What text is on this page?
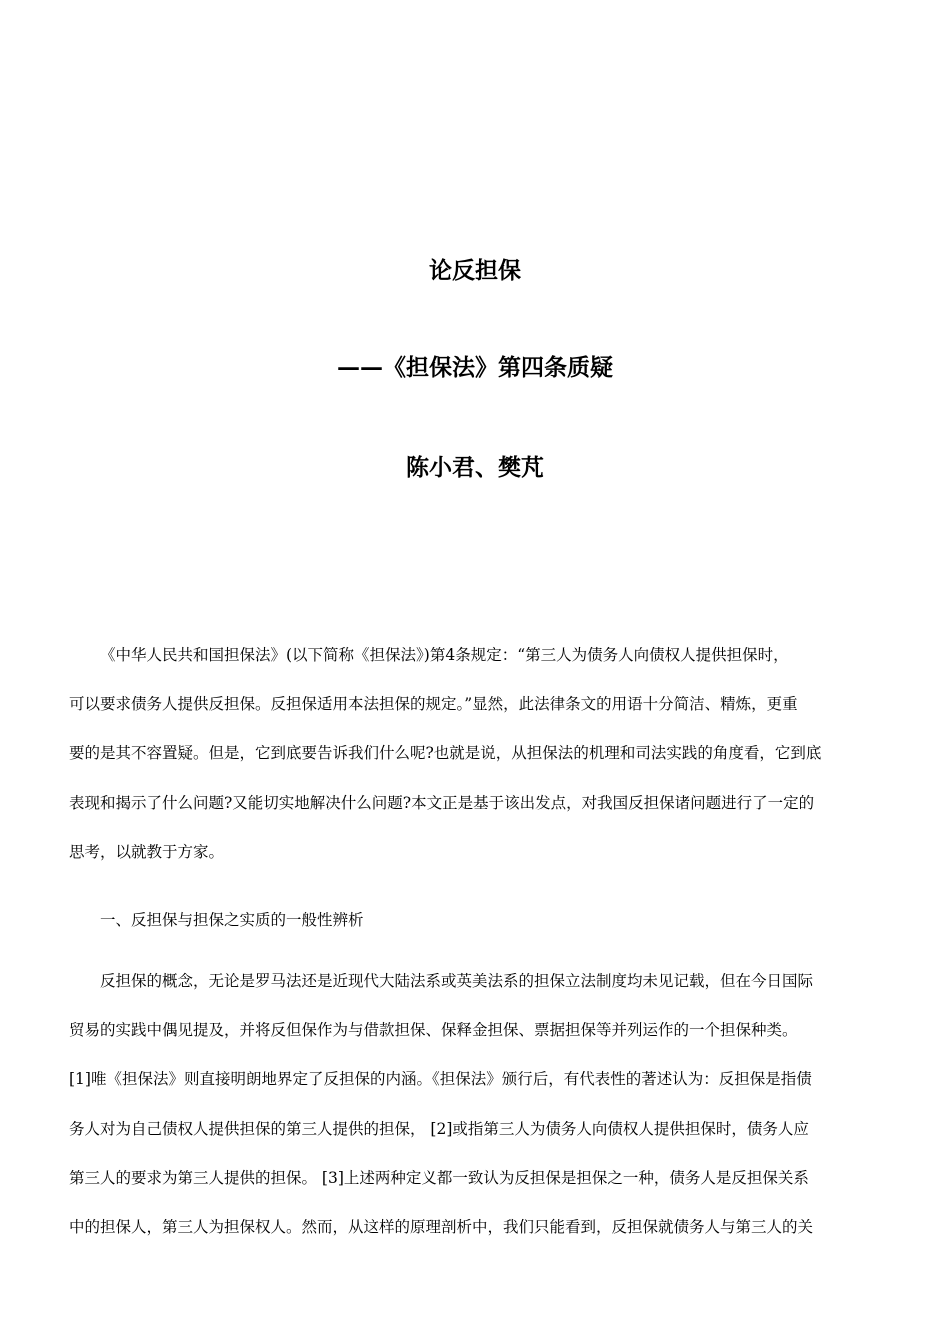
论反担保
——《担保法》第四条质疑
陈小君、樊芃
《中华人民共和国担保法》(以下简称《担保法》)第4条规定：“第三人为债务人向债权人提供担保时，
可以要求债务人提供反担保。反担保适用本法担保的规定。”显然，此法律条文的用语十分简洁、精炼，更重
要的是其不容置疑。但是，它到底要告诉我们什么呢?也就是说，从担保法的机理和司法实践的角度看，它到底
表现和揭示了什么问题?又能切实地解决什么问题?本文正是基于该出发点，对我国反担保诸问题进行了一定的
思考，以就教于方家。
一、反担保与担保之实质的一般性辨析
反担保的概念，无论是罗马法还是近现代大陆法系或英美法系的担保立法制度均未见记载，但在今日国际
贸易的实践中偶见提及，并将反但保作为与借款担保、保释金担保、票据担保等并列运作的一个担保种类。
[1]唯《担保法》则直接明朗地界定了反担保的内涵。《担保法》颁行后，有代表性的著述认为：反担保是指债
务人对为自己债权人提供担保的第三人提供的担保， [2]或指第三人为债务人向债权人提供担保时，债务人应
第三人的要求为第三人提供的担保。 [3]上述两种定义都一致认为反担保是担保之一种，债务人是反担保关系
中的担保人，第三人为担保权人。然而，从这样的原理剖析中，我们只能看到，反担保就债务人与第三人的关
